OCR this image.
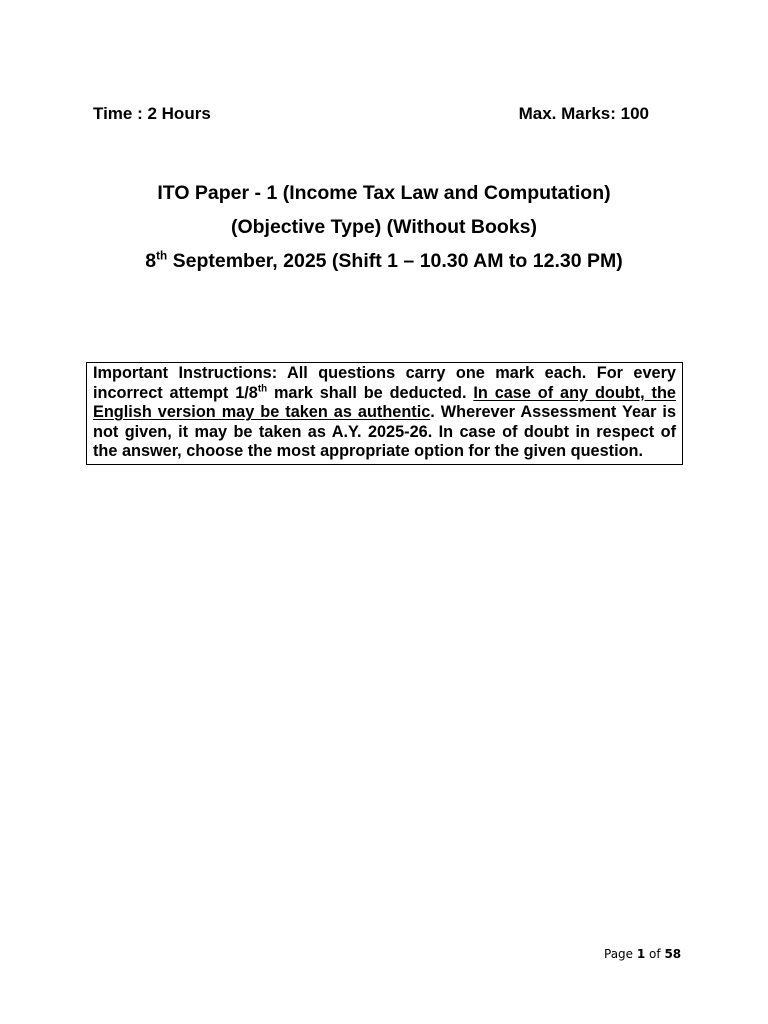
Time : 2 Hours	Max. Marks: 100
ITO Paper - 1 (Income Tax Law and Computation)
(Objective Type) (Without Books)
8th September, 2025 (Shift 1 – 10.30 AM to 12.30 PM)
Important Instructions: All questions carry one mark each. For every incorrect attempt 1/8th mark shall be deducted. In case of any doubt, the English version may be taken as authentic. Wherever Assessment Year is not given, it may be taken as A.Y. 2025-26. In case of doubt in respect of the answer, choose the most appropriate option for the given question.
Page 1 of 58
